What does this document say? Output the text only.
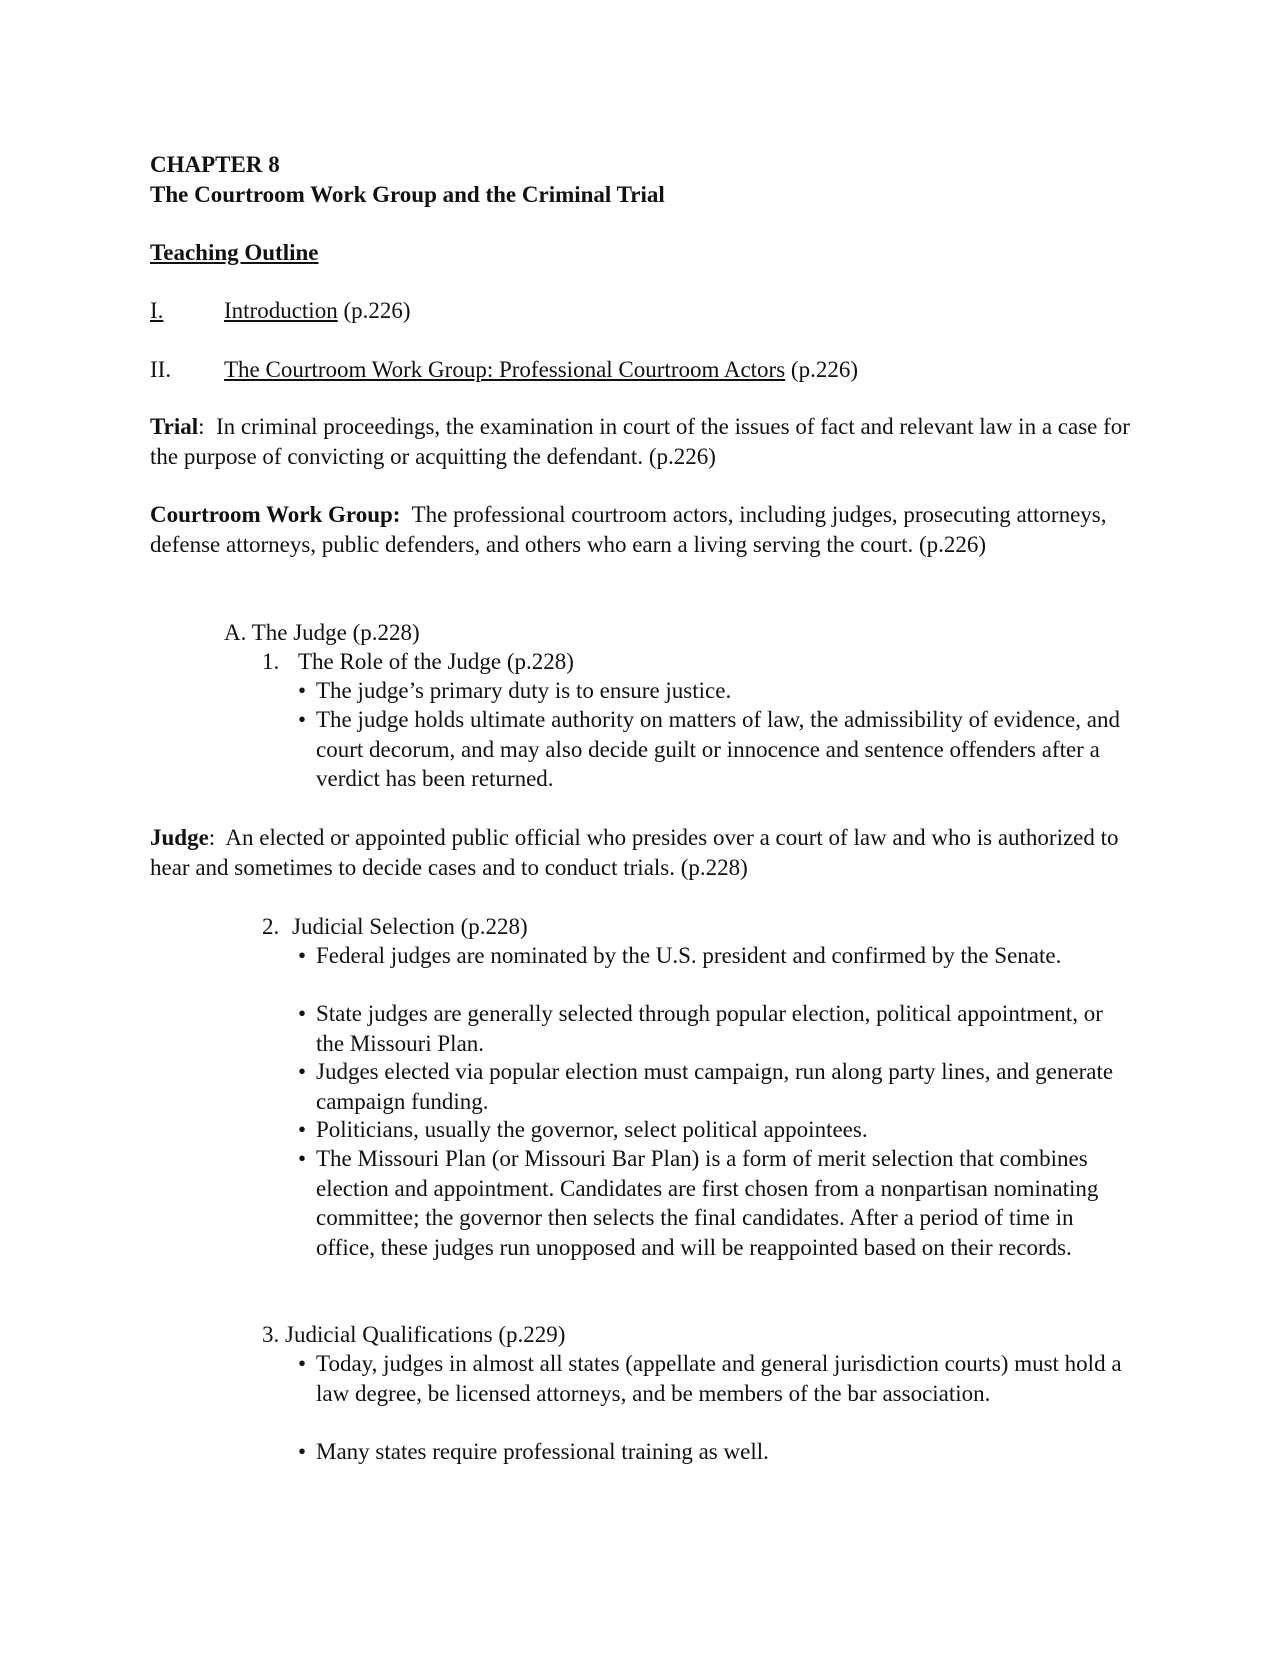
CHAPTER 8
The Courtroom Work Group and the Criminal Trial
Teaching Outline
I.	Introduction (p.226)
II. The Courtroom Work Group: Professional Courtroom Actors (p.226)
Trial: In criminal proceedings, the examination in court of the issues of fact and relevant law in a case for the purpose of convicting or acquitting the defendant. (p.226)
Courtroom Work Group: The professional courtroom actors, including judges, prosecuting attorneys, defense attorneys, public defenders, and others who earn a living serving the court. (p.226)
A. The Judge (p.228)
1. The Role of the Judge (p.228)
• The judge’s primary duty is to ensure justice.
• The judge holds ultimate authority on matters of law, the admissibility of evidence, and court decorum, and may also decide guilt or innocence and sentence offenders after a verdict has been returned.
Judge: An elected or appointed public official who presides over a court of law and who is authorized to hear and sometimes to decide cases and to conduct trials. (p.228)
2. Judicial Selection (p.228)
• Federal judges are nominated by the U.S. president and confirmed by the Senate.
• State judges are generally selected through popular election, political appointment, or the Missouri Plan.
• Judges elected via popular election must campaign, run along party lines, and generate campaign funding.
• Politicians, usually the governor, select political appointees.
• The Missouri Plan (or Missouri Bar Plan) is a form of merit selection that combines election and appointment. Candidates are first chosen from a nonpartisan nominating committee; the governor then selects the final candidates. After a period of time in office, these judges run unopposed and will be reappointed based on their records.
3. Judicial Qualifications (p.229)
• Today, judges in almost all states (appellate and general jurisdiction courts) must hold a law degree, be licensed attorneys, and be members of the bar association.
• Many states require professional training as well.
